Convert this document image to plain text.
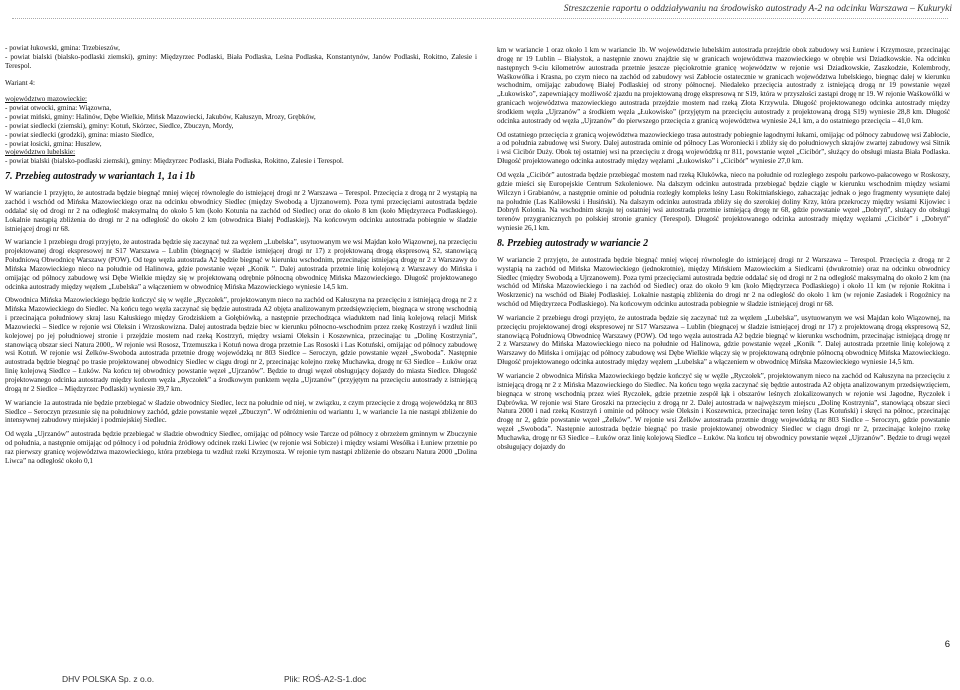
Streszczenie raportu o oddziaływaniu na środowisko autostrady A-2 na odcinku Warszawa – Kukuryki

- powiat łukowski, gmina: Trzebieszów,

- powiat bialski (bialsko-podlaski ziemski), gminy: Międzyrzec Podlaski, Biała Podlaska, Leśna Podlaska, Konstantynów, Janów Podlaski, Rokitno, Zalesie i Terespol.

Wariant 4:

województwo mazowieckie:

- powiat otwocki, gmina: Wiązowna,

- powiat miński, gminy: Halinów, Dębe Wielkie, Mińsk Mazowiecki, Jakubów, Kałuszyn, Mrozy, Grębków,

- powiat siedlecki (ziemski), gminy: Kotuń, Skórzec, Siedlce, Zbuczyn, Mordy,

- powiat siedlecki (grodzki), gmina: miasto Siedlce,

- powiat łosicki, gmina: Huszlew,

województwo lubelskie:

- powiat bialski (bialsko-podlaski ziemski), gminy: Międzyrzec Podlaski, Biała Podlaska, Rokitno, Zalesie i Terespol.

7. Przebieg autostrady w wariantach 1, 1a i 1b

W wariancie 1 przyjęto, że autostrada będzie biegnąć mniej więcej równolegle do istniejącej drogi nr 2 Warszawa – Terespol. Przecięcia z drogą nr 2 wystąpią na zachód i wschód od Mińska Mazowieckiego oraz na odcinku obwodnicy Siedlec (między Swobodą a Ujrzanowem). Poza tymi przecięciami autostrada będzie oddalać się od drogi nr 2 na odległość maksymalną do około 5 km (koło Kotunia na zachód od Siedlec) oraz do około 8 km (koło Międzyrzeca Podlaskiego). Lokalnie nastąpią zbliżenia do drogi nr 2 na odległość do około 2 km (obwodnica Białej Podlaskiej). Na końcowym odcinku autostrada pobiegnie w śladzie istniejącej drogi nr 68.

W wariancie 1 przebiegu drogi przyjęto, że autostrada będzie się zaczynać tuż za węzłem „Lubelska”, usytuowanym we wsi Majdan koło Wiązownej, na przecięciu projektowanej drogi ekspresowej nr S17 Warszawa – Lublin (biegnącej w śladzie istniejącej drogi nr 17) z projektowaną drogą ekspresową S2, stanowiącą Południową Obwodnicę Warszawy (POW). Od tego węzła autostrada A2 będzie biegnąć w kierunku wschodnim, przecinając istniejącą drogę nr 2 z Warszawy do Mińska Mazowieckiego nieco na południe od Halinowa, gdzie powstanie węzeł „Konik ”. Dalej autostrada przetnie linię kolejową z Warszawy do Mińska i omijając od północy zabudowę wsi Dębe Wielkie między się w projektowaną odrębnie północną obwodnicę Mińska Mazowieckiego. Długość projektowanego odcinka autostrady między węzłem „Lubelska” a włączeniem w obwodnicę Mińska Mazowieckiego wyniesie 14,5 km.

Obwodnica Mińska Mazowieckiego będzie kończyć się w węźle „Ryczołek”, projektowanym nieco na zachód od Kałuszyna na przecięciu z istniejącą drogą nr 2 z Mińska Mazowieckiego do Siedlec. Na końcu tego węzła zaczynać się będzie autostrada A2 objęta analizowanym przedsięwzięciem, biegnąca w stronę wschodnią i przecinająca południowy skraj lasu Kałuskiego między Grodziskiem a Gołębiówką, a następnie przechodząca wiaduktem nad linią kolejową relacji Mińsk Mazowiecki – Siedlce w rejonie wsi Oleksin i Wrzoskowizna. Dalej autostrada będzie biec w kierunku północno-wschodnim przez rzekę Kostrzyń i wzdłuż linii kolejowej po jej południowej stronie i przejdzie mostem nad rzeką Kostrzyń, między wsiami Oleksin i Koszewnica, przecinając tu „Dolinę Kostrzynia”, stanowiącą obszar sieci Natura 2000,. W rejonie wsi Rososz, Trzemuszka i Kotuń nowa droga przetnie Las Rososki i Las Kotuński, omijając od północy zabudowę wsi Kotuń. W rejonie wsi Żelków-Swoboda autostrada przetnie drogę wojewódzką nr 803 Siedlce – Seroczyn, gdzie powstanie węzeł „Swoboda”. Następnie autostrada będzie biegnąć po trasie projektowanej obwodnicy Siedlec w ciągu drogi nr 2, przecinając kolejno rzekę Muchawka, drogę nr 63 Siedlce – Łuków oraz linię kolejową Siedlce – Łuków. Na końcu tej obwodnicy powstanie węzeł „Ujrzanów”. Będzie to drugi węzeł obsługujący dojazdy do miasta Siedlce. Długość projektowanego odcinka autostrady między końcem węzła „Ryczołek” a środkowym punktem węzła „Ujrzanów” (przyjętym na przecięciu autostrady z istniejącą drogą nr 2 Siedlce – Międzyrzec Podlaski) wyniesie 39,7 km.

W wariancie 1a autostrada nie będzie przebiegać w śladzie obwodnicy Siedlec, lecz na południe od niej, w związku, z czym przecięcie z drogą wojewódzką nr 803 Siedlce – Seroczyn przesunie się na południowy zachód, gdzie powstanie węzeł „Zbuczyn”. W odróżnieniu od wariantu 1, w wariancie 1a nie nastąpi zbliżenie do intensywnej zabudowy miejskiej i podmiejskiej Siedlec.

Od węzła „Ujrzanów” autostrada będzie przebiegać w śladzie obwodnicy Siedlec, omijając od północy wsie Tarcze od północy z obrzeżem gminnym w Zbuczynie od południa, a następnie omijając od północy i od południa źródłowy odcinek rzeki Liwiec (w rejonie wsi Sobicze) i między wsiami Wesółka i Łuniew przetnie po raz pierwszy granicę województwa mazowieckiego, która przebiega tu wzdłuż rzeki Krzymosza. W rejonie tym nastąpi zbliżenie do obszaru Natura 2000 „Dolina Liwca” na odległość około 0,1

km w wariancie 1 oraz około 1 km w wariancie 1b. W województwie lubelskim autostrada przejdzie obok zabudowy wsi Łuniew i Krzymosze, przecinając drogę nr 19 Lublin – Białystok, a następnie znowu znajdzie się w granicach województwa mazowieckiego w obrębie wsi Dziadkowskie. Na odcinku następnych 9-ciu kilometrów autostrada przetnie jeszcze pięciokrotnie granicę województw w rejonie wsi Dziadkowskie, Zaszkodzie, Kolembrody, Waśkowólka i Krasna, po czym nieco na zachód od zabudowy wsi Zabłocie ostatecznie w granicach województwa lubelskiego, biegnąc dalej w kierunku wschodnim, omijając zabudowę Białej Podlaskiej od strony północnej. Niedaleko przecięcia autostrady z istniejącą drogą nr 19 powstanie węzeł „Łukowisko”, zapewniający możliwość zjazdu na projektowaną drogę ekspresową nr S19, która w przyszłości zastąpi drogę nr 19. W rejonie Waśkowólki w granicach województwa mazowieckiego autostrada przejdzie mostem nad rzeką Złota Krzywula. Długość projektowanego odcinka autostrady między środkiem węzła „Ujrzanów” a środkiem węzła „Łukowisko” (przyjętym na przecięciu autostrady z projektowaną drogą S19) wyniesie 28,8 km. Długość odcinka autostrady od węzła „Ujrzanów” do pierwszego przecięcia z granicą województwa wyniesie 24,1 km, a do ostatniego przecięcia – 41,0 km.

Od ostatniego przecięcia z granicą województwa mazowieckiego trasa autostrady pobiegnie łagodnymi łukami, omijając od północy zabudowę wsi Zabłocie, a od południa zabudowę wsi Swory. Dalej autostrada ominie od północy Las Woroniecki i zbliży się do południowych skrajów zwartej zabudowy wsi Sitnik i wsi Cicibór Duży. Obok tej ostatniej wsi na przecięciu z drogą wojewódzką nr 811, powstanie węzeł „Cicibór”, służący do obsługi miasta Biała Podlaska. Długość projektowanego odcinka autostrady między węzłami „Łukowisko” i „Cicibór” wyniesie 27,0 km.

Od węzła „Cicibór” autostrada będzie przebiegać mostem nad rzeką Klukówka, nieco na południe od rozległego zespołu parkowo-pałacowego w Roskoszy, gdzie mieści się Europejskie Centrum Szkoleniowe. Na dalszym odcinku autostrada przebiegać będzie ciągle w kierunku wschodnim między wsiami Wilczyn i Grabianów, a następnie ominie od południa rozległy kompleks leśny Lasu Rokitniańskiego, zahaczając jednak o jego fragmenty wysunięte dalej na południe (Las Kaliłowski i Husiński). Na dalszym odcinku autostrada zbliży się do szerokiej doliny Krzy, która przekroczy między wsiami Kijowiec i Dobryń Kolonia. Na wschodnim skraju tej ostatniej wsi autostrada przetnie istniejącą drogę nr 68, gdzie powstanie węzeł „Dobryń”, służący do obsługi terenów przygranicznych po polskiej stronie granicy (Terespol). Długość projektowanego odcinka autostrady między węzłami „Cicibór” i „Dobryń” wyniesie 26,1 km.

8. Przebieg autostrady w wariancie 2

W wariancie 2 przyjęto, że autostrada będzie biegnąć mniej więcej równolegle do istniejącej drogi nr 2 Warszawa – Terespol. Przecięcia z drogą nr 2 wystąpią na zachód od Mińska Mazowieckiego (jednokrotnie), między Mińskiem Mazowieckim a Siedlcami (dwukrotnie) oraz na odcinku obwodnicy Siedlec (między Swobodą a Ujrzanowem). Poza tymi przecięciami autostrada będzie oddalać się od drogi nr 2 na odległość maksymalną do około 2 km (na wschód od Mińska Mazowieckiego i na zachód od Siedlec) oraz do około 9 km (koło Międzyrzeca Podlaskiego) i około 11 km (w rejonie Rokitna i Woskrzenic) na wschód od Białej Podlaskiej. Lokalnie nastąpią zbliżenia do drogi nr 2 na odległość do około 1 km (w rejonie Zasiadek i Rogoźnicy na wschód od Międzyrzeca Podlaskiego). Na końcowym odcinku autostrada pobiegnie w śladzie istniejącej drogi nr 68.

W wariancie 2 przebiegu drogi przyjęto, że autostrada będzie się zaczynać tuż za węzłem „Lubelska”, usytuowanym we wsi Majdan koło Wiązownej, na przecięciu projektowanej drogi ekspresowej nr S17 Warszawa – Lublin (biegnącej w śladzie istniejącej drogi nr 17) z projektowaną drogą ekspresową S2, stanowiącą Południową Obwodnicę Warszawy (POW). Od tego węzła autostrada A2 będzie biegnąć w kierunku wschodnim, przecinając istniejącą drogę nr 2 z Warszawy do Mińska Mazowieckiego nieco na południe od Halinowa, gdzie powstanie węzeł „Konik ”. Dalej autostrada przetnie linię kolejową z Warszawy do Mińska i omijając od północy zabudowę wsi Dębe Wielkie włączy się w projektowaną odrębnie północną obwodnicę Mińska Mazowieckiego. Długość projektowanego odcinka autostrady między węzłem „Lubelska” a włączeniem w obwodnicę Mińska Mazowieckiego wyniesie 14,5 km.

W wariancie 2 obwodnica Mińska Mazowieckiego będzie kończyć się w węźle „Ryczołek”, projektowanym nieco na zachód od Kałuszyna na przecięciu z istniejącą drogą nr 2 z Mińska Mazowieckiego do Siedlec. Na końcu tego węzła zaczynać się będzie autostrada A2 objęta analizowanym przedsięwzięciem, biegnąca w stronę wschodnią przez wieś Ryczołek, gdzie przetnie zespół łąk i obszarów leśnych zlokalizowanych w rejonie wsi Jagodne, Ryczołek i Dąbrówka. W rejonie wsi Stare Groszki na przecięciu z drogą nr 2. Dalej autostrada w najwęższym miejscu „Dolinę Kostrzynia”, stanowiącą obszar sieci Natura 2000 i nad rzeką Kostrzyń i ominie od północy wsie Oleksin i Koszewnica, przecinając teren leśny (Las Kotuński) i skręci na północ, przecinając drogę nr 2, gdzie powstanie węzeł „Żelków”. W rejonie wsi Żelków autostrada przetnie drogę wojewódzką nr 803 Siedlce – Seroczyn, gdzie powstanie węzeł „Swoboda”. Następnie autostrada będzie biegnąć po trasie projektowanej obwodnicy Siedlec w ciągu drogi nr 2, przecinając kolejno rzekę Muchawka, drogę nr 63 Siedlce – Łuków oraz linię kolejową Siedlce – Łuków. Na końcu tej obwodnicy powstanie węzeł „Ujrzanów”. Będzie to drugi węzeł obsługujący dojazdy do

6
DHV POLSKA Sp. z o.o.	Plik: ROŚ-A2-S-1.doc
